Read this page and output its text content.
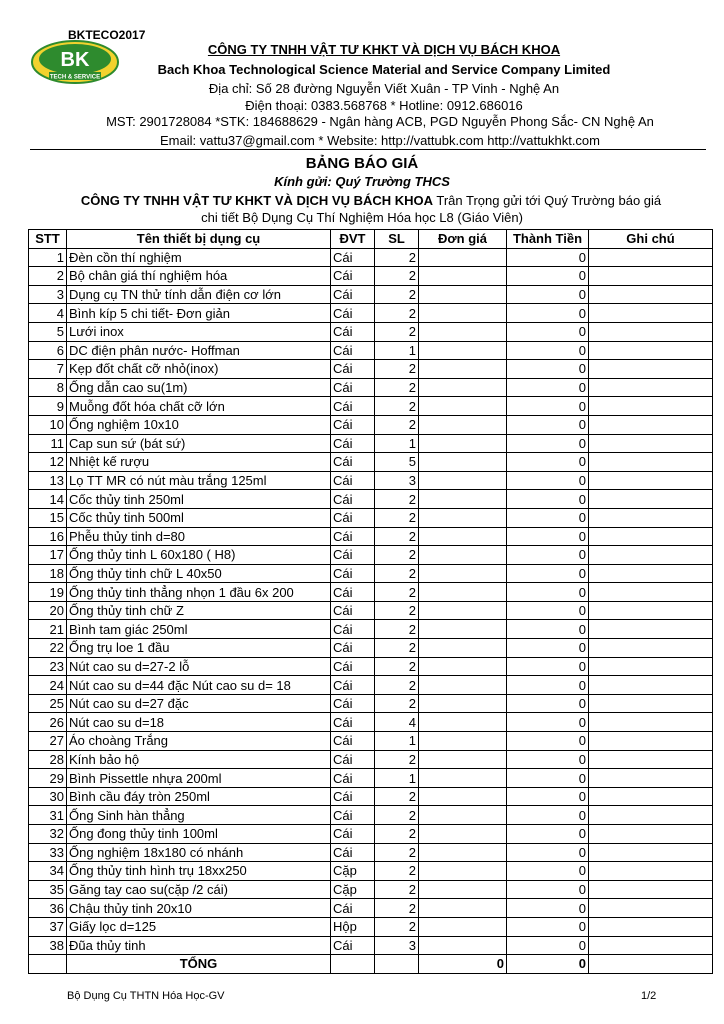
BKTECO2017
BK
TECH & SERVICE
CÔNG TY TNHH VẬT TƯ KHKT VÀ DỊCH VỤ BÁCH KHOA
Bach Khoa Technological Science Material and Service Company Limited
Địa chỉ: Số 28 đường Nguyễn Viết Xuân - TP Vinh - Nghệ An
Điện thoại: 0383.568768 * Hotline: 0912.686016
MST: 2901728084 *STK: 184688629 - Ngân hàng ACB, PGD Nguyễn Phong Sắc- CN Nghệ An
Email: vattu37@gmail.com * Website: http://vattubk.com http://vattukhkt.com
BẢNG BÁO GIÁ
Kính gửi: Quý Trường THCS
CÔNG TY TNHH VẬT TƯ KHKT VÀ DỊCH VỤ BÁCH KHOA Trân Trọng gửi tới Quý Trường báo giá
chi tiết Bộ Dụng Cụ Thí Nghiệm Hóa học L8 (Giáo Viên)
STT	Tên thiết bị dụng cụ	ĐVT	SL	Đơn giá	Thành Tiền	Ghi chú
1	Đèn cồn thí nghiệm	Cái	2		0	
2	Bộ chân giá thí nghiệm hóa	Cái	2		0	
3	Dụng cụ TN thử tính dẫn điện cơ lớn	Cái	2		0	
4	Bình kíp 5 chi tiết- Đơn giản	Cái	2		0	
5	Lưới inox	Cái	2		0	
6	DC điện phân nước- Hoffman	Cái	1		0	
7	Kẹp đốt chất cỡ nhỏ(inox)	Cái	2		0	
8	Ống dẫn cao su(1m)	Cái	2		0	
9	Muỗng đốt hóa chất cỡ lớn	Cái	2		0	
10	Ống nghiệm 10x10	Cái	2		0	
11	Cap sun sứ (bát sứ)	Cái	1		0	
12	Nhiệt kế rượu	Cái	5		0	
13	Lọ TT MR có nút màu trắng 125ml	Cái	3		0	
14	Cốc thủy tinh 250ml	Cái	2		0	
15	Cốc thủy tinh 500ml	Cái	2		0	
16	Phễu thủy tinh d=80	Cái	2		0	
17	Ống thủy tinh L 60x180 ( H8)	Cái	2		0	
18	Ống thủy tinh chữ L 40x50	Cái	2		0	
19	Ống thủy tinh thẳng nhọn 1 đầu 6x 200	Cái	2		0	
20	Ống thủy tinh chữ Z	Cái	2		0	
21	Bình tam giác 250ml	Cái	2		0	
22	Ống trụ loe 1 đầu	Cái	2		0	
23	Nút cao su d=27-2 lỗ	Cái	2		0	
24	Nút cao su d=44 đặc Nút cao su d= 18	Cái	2		0	
25	Nút cao su d=27 đặc	Cái	2		0	
26	Nút cao su d=18	Cái	4		0	
27	Áo choàng Trắng	Cái	1		0	
28	Kính bảo hộ	Cái	2		0	
29	Bình Pissettle nhựa 200ml	Cái	1		0	
30	Bình cầu đáy tròn 250ml	Cái	2		0	
31	Ống Sinh hàn thẳng	Cái	2		0	
32	Ống đong thủy tinh 100ml	Cái	2		0	
33	Ống nghiệm 18x180 có nhánh	Cái	2		0	
34	Ống thủy tinh hình trụ 18xx250	Cặp	2		0	
35	Găng tay cao su(cặp /2 cái)	Cặp	2		0	
36	Chậu thủy tinh 20x10	Cái	2		0	
37	Giấy lọc d=125	Hộp	2		0	
38	Đũa thủy tinh	Cái	3		0	
	TỔNG			0	0	
Bộ Dụng Cụ THTN Hóa Học-GV	1/2
